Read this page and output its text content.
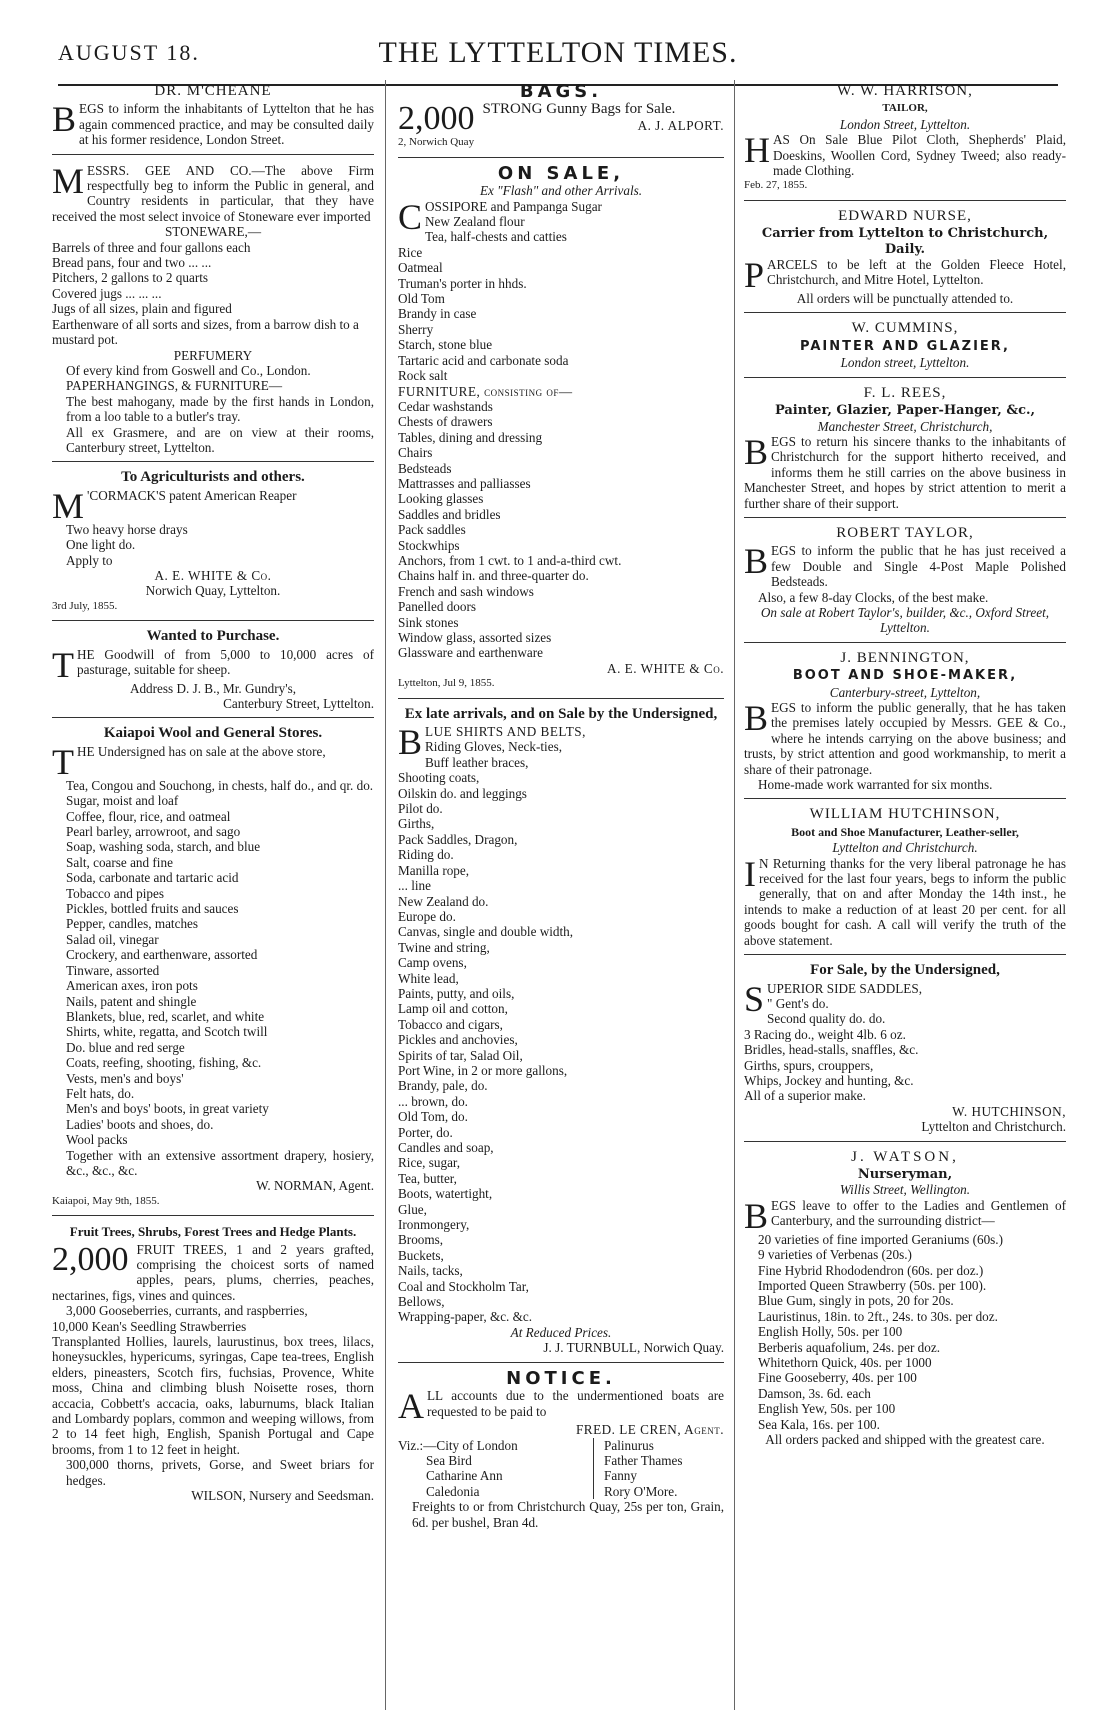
AUGUST 18.	THE LYTTELTON TIMES.
DR. M'CHEANE

BEGS to inform the inhabitants of Lyttelton that he has again commenced practice, and may be consulted daily at his former residence, London Street.

MESSRS. GEE AND CO.—The above Firm respectfully beg to inform the Public in general, and Country residents in particular, that they have received the most select invoice of Stoneware ever imported

STONEWARE,—
Barrels of three and four gallons each
Bread pans, four and two ... ...
Pitchers, 2 gallons to 2 quarts
Covered jugs ... ... ...
Jugs of all sizes, plain and figured
Earthenware of all sorts and sizes, from a barrow dish to a mustard pot.
PERFUMERY
Of every kind from Goswell and Co., London.
PAPERHANGINGS, & FURNITURE—
The best mahogany, made by the first hands in London, from a loo table to a butler's tray.
All ex Grasmere, and are on view at their rooms, Canterbury street, Lyttelton.
To Agriculturists and others.

M 'CORMACK'S patent American Reaper

Two heavy horse drays
One light do.
Apply to
A. E. WHITE & Co.
Norwich Quay, Lyttelton.
3rd July, 1855.
Wanted to Purchase.

THE Goodwill of from 5,000 to 10,000 acres of pasturage, suitable for sheep.

Address D. J. B., Mr. Gundry's,
Canterbury Street, Lyttelton.
Kaiapoi Wool and General Stores.

THE Undersigned has on sale at the above store,

Tea, Congou and Souchong, in chests, half do., and qr. do.
Sugar, moist and loaf
Coffee, flour, rice, and oatmeal
Pearl barley, arrowroot, and sago
Soap, washing soda, starch, and blue
Salt, coarse and fine
Soda, carbonate and tartaric acid
Tobacco and pipes
Pickles, bottled fruits and sauces
Pepper, candles, matches
Salad oil, vinegar
Crockery, and earthenware, assorted
Tinware, assorted
American axes, iron pots
Nails, patent and shingle
Blankets, blue, red, scarlet, and white
Shirts, white, regatta, and Scotch twill
Do. blue and red serge
Coats, reefing, shooting, fishing, &c.
Vests, men's and boys'
Felt hats, do.
Men's and boys' boots, in great variety
Ladies' boots and shoes, do.
Wool packs
Together with an extensive assortment drapery, hosiery, &c., &c., &c.
W. NORMAN, Agent.
Kaiapoi, May 9th, 1855.
Fruit Trees, Shrubs, Forest Trees and Hedge Plants.

2,000 FRUIT TREES, 1 and 2 years grafted, comprising the choicest sorts of named apples, pears, plums, cherries, peaches, nectarines, figs, vines and quinces.

3,000 Gooseberries, currants, and raspberries,
10,000 Kean's Seedling Strawberries
Transplanted Hollies, laurels, laurustinus, box trees, lilacs, honeysuckles, hypericums, syringas, Cape tea-trees, English elders, pineasters, Scotch firs, fuchsias, Provence, White moss, China and climbing blush Noisette roses, thorn accacia, Cobbett's accacia, oaks, laburnums, black Italian and Lombardy poplars, common and weeping willows, from 2 to 14 feet high, English, Spanish Portugal and Cape brooms, from 1 to 12 feet in height.
300,000 thorns, privets, Gorse, and Sweet briars for hedges.
WILSON, Nursery and Seedsman.
BAGS.

2,000 STRONG Gunny Bags for Sale.

A. J. ALPORT.
2, Norwich Quay
ON SALE,
Ex "Flash" and other Arrivals.

COSSIPORE and Pampanga Sugar

New Zealand flour
Tea, half-chests and catties
Rice
Oatmeal
Truman's porter in hhds.
Old Tom
Brandy in case
Sherry
Starch, stone blue
Tartaric acid and carbonate soda
Rock salt
FURNITURE, consisting of—
Cedar washstands
Chests of drawers
Tables, dining and dressing
Chairs
Bedsteads
Mattrasses and palliasses
Looking glasses
Saddles and bridles
Pack saddles
Stockwhips
Anchors, from 1 cwt. to 1 and-a-third cwt.
Chains half in. and three-quarter do.
French and sash windows
Panelled doors
Sink stones
Window glass, assorted sizes
Glassware and earthenware
A. E. WHITE & Co.
Lyttelton, Jul 9, 1855.
Ex late arrivals, and on Sale by the Undersigned,

BLUE SHIRTS AND BELTS,

Riding Gloves, Neck-ties,
Buff leather braces,
Shooting coats,
Oilskin do. and leggings
Pilot do.
Girths,
Pack Saddles, Dragon,
Riding do.
Manilla rope,
... line
New Zealand do.
Europe do.
Canvas, single and double width,
Twine and string,
Camp ovens,
White lead,
Paints, putty, and oils,
Lamp oil and cotton,
Tobacco and cigars,
Pickles and anchovies,
Spirits of tar, Salad Oil,
Port Wine, in 2 or more gallons,
Brandy, pale, do.
... brown, do.
Old Tom, do.
Porter, do.
Candles and soap,
Rice, sugar,
Tea, butter,
Boots, watertight,
Glue,
Ironmongery,
Brooms,
Buckets,
Nails, tacks,
Coal and Stockholm Tar,
Bellows,
Wrapping-paper, &c. &c.
At Reduced Prices.
J. J. TURNBULL, Norwich Quay.
NOTICE.

ALL accounts due to the undermentioned boats are requested to be paid to

FRED. LE CREN, Agent.
Viz.:—City of London
Sea Bird
Catharine Ann
Caledonia
Palinurus
Father Thames
Fanny
Rory O'More.
Freights to or from Christchurch Quay, 25s per ton, Grain, 6d. per bushel, Bran 4d.
W. W. HARRISON,
TAILOR,
London Street, Lyttelton.

HAS On Sale Blue Pilot Cloth, Shepherds' Plaid, Doeskins, Woollen Cord, Sydney Tweed; also ready-made Clothing.

Feb. 27, 1855.
EDWARD NURSE,
Carrier from Lyttelton to Christchurch, Daily.

PARCELS to be left at the Golden Fleece Hotel, Christchurch, and Mitre Hotel, Lyttelton.

All orders will be punctually attended to.
W. CUMMINS,
PAINTER AND GLAZIER,
London street, Lyttelton.
F. L. REES,
Painter, Glazier, Paper-Hanger, &c.,
Manchester Street, Christchurch,

BEGS to return his sincere thanks to the inhabitants of Christchurch for the support hitherto received, and informs them he still carries on the above business in Manchester Street, and hopes by strict attention to merit a further share of their support.

ROBERT TAYLOR,

BEGS to inform the public that he has just received a few Double and Single 4-Post Maple Polished Bedsteads.

Also, a few 8-day Clocks, of the best make.
On sale at Robert Taylor's, builder, &c., Oxford Street, Lyttelton.
J. BENNINGTON,
BOOT AND SHOE-MAKER,
Canterbury-street, Lyttelton,

BEGS to inform the public generally, that he has taken the premises lately occupied by Messrs. GEE & Co., where he intends carrying on the above business; and trusts, by strict attention and good workmanship, to merit a share of their patronage.

Home-made work warranted for six months.
WILLIAM HUTCHINSON,
Boot and Shoe Manufacturer, Leather-seller,
Lyttelton and Christchurch.

I N Returning thanks for the very liberal patronage he has received for the last four years, begs to inform the public generally, that on and after Monday the 14th inst., he intends to make a reduction of at least 20 per cent. for all goods bought for cash. A call will verify the truth of the above statement.

For Sale, by the Undersigned,

SUPERIOR SIDE SADDLES,

" Gent's do.
Second quality do. do.
3 Racing do., weight 4lb. 6 oz.
Bridles, head-stalls, snaffles, &c.
Girths, spurs, crouppers,
Whips, Jockey and hunting, &c.
All of a superior make.
W. HUTCHINSON,
Lyttelton and Christchurch.
J. WATSON,
Nurseryman,
Willis Street, Wellington.

BEGS leave to offer to the Ladies and Gentlemen of Canterbury, and the surrounding district—

20 varieties of fine imported Geraniums (60s.)
9 varieties of Verbenas (20s.)
Fine Hybrid Rhododendron (60s. per doz.)
Imported Queen Strawberry (50s. per 100).
Blue Gum, singly in pots, 20 for 20s.
Lauristinus, 18in. to 2ft., 24s. to 30s. per doz.
English Holly, 50s. per 100
Berberis aquafolium, 24s. per doz.
Whitethorn Quick, 40s. per 1000
Fine Gooseberry, 40s. per 100
Damson, 3s. 6d. each
English Yew, 50s. per 100
Sea Kala, 16s. per 100.
All orders packed and shipped with the greatest care.
